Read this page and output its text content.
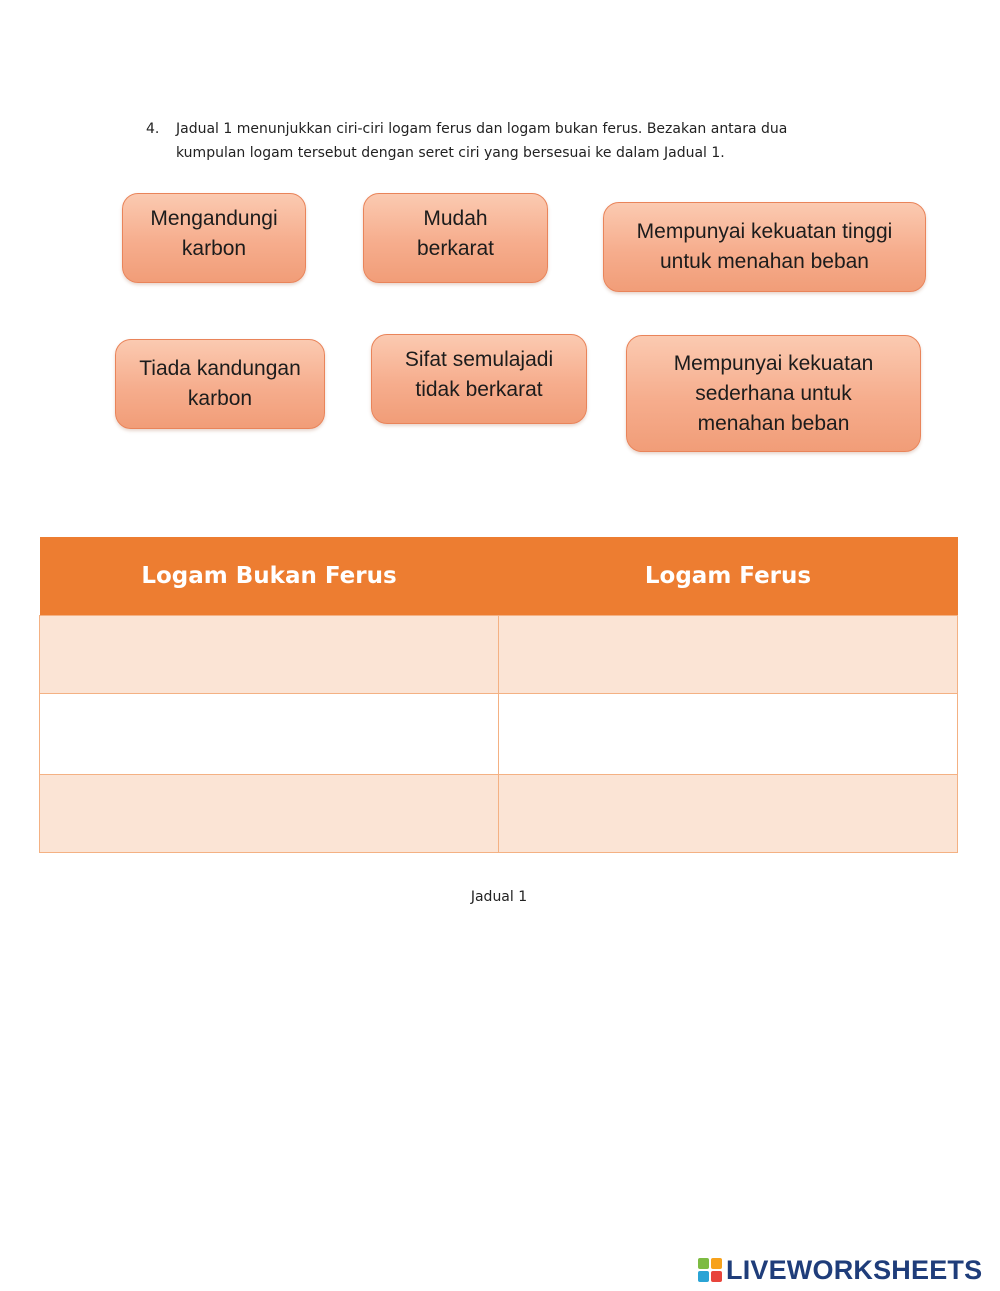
4. Jadual 1 menunjukkan ciri-ciri logam ferus dan logam bukan ferus. Bezakan antara dua
kumpulan logam tersebut dengan seret ciri yang bersesuai ke dalam Jadual 1.
Mengandungi
karbon
Mudah
berkarat
Mempunyai kekuatan tinggi
untuk menahan beban
Tiada kandungan
karbon
Sifat semulajadi
tidak berkarat
Mempunyai kekuatan
sederhana untuk
menahan beban
Logam Bukan Ferus	Logam Ferus

Jadual 1
LIVEWORKSHEETS
